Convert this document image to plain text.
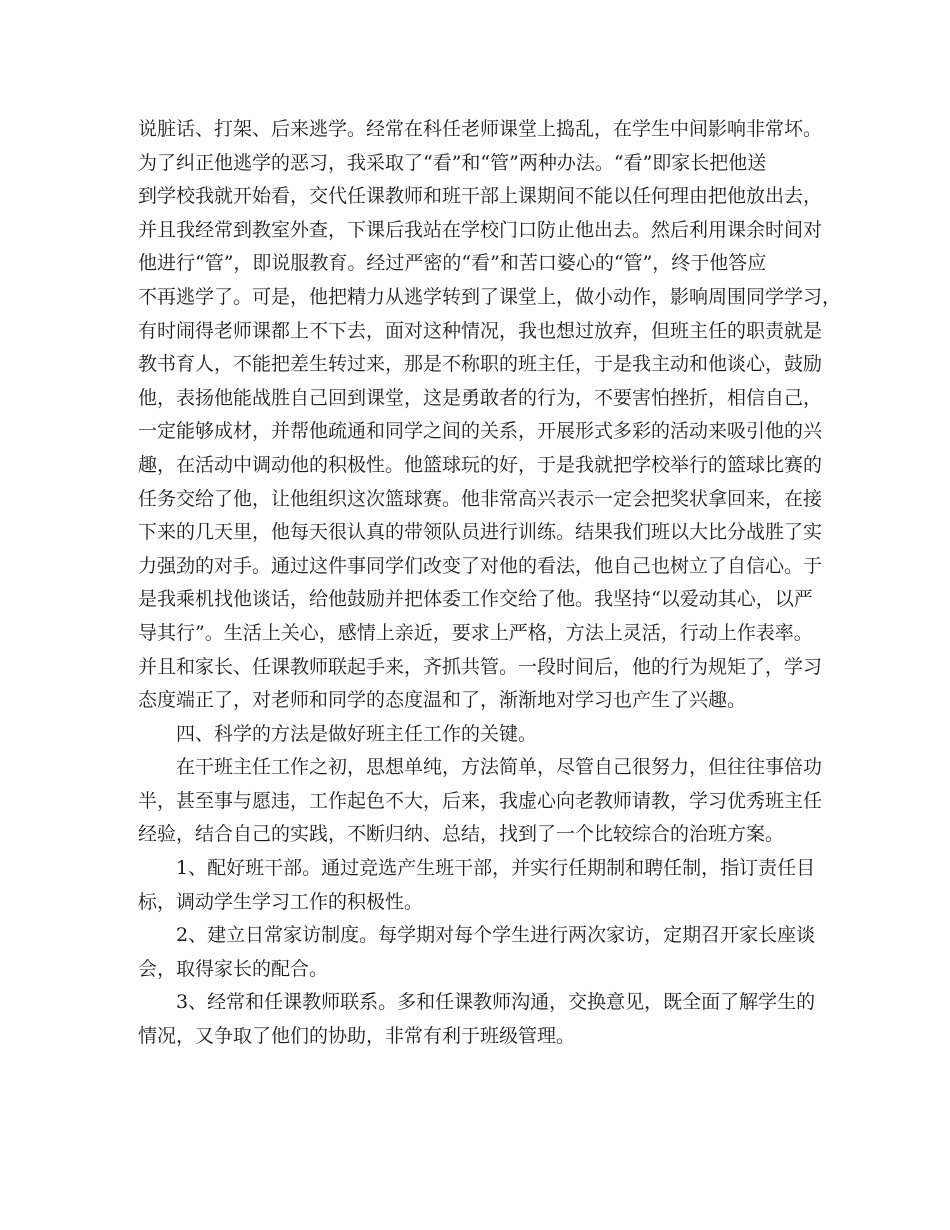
说脏话、打架、后来逃学。经常在科任老师课堂上捣乱，在学生中间影响非常坏。
为了纠正他逃学的恶习，我采取了“看”和“管”两种办法。“看”即家长把他送
到学校我就开始看，交代任课教师和班干部上课期间不能以任何理由把他放出去，
并且我经常到教室外查，下课后我站在学校门口防止他出去。然后利用课余时间对
他进行“管”，即说服教育。经过严密的“看”和苦口婆心的“管”，终于他答应
不再逃学了。可是，他把精力从逃学转到了课堂上，做小动作，影响周围同学学习，
有时闹得老师课都上不下去，面对这种情况，我也想过放弃，但班主任的职责就是
教书育人，不能把差生转过来，那是不称职的班主任，于是我主动和他谈心，鼓励
他，表扬他能战胜自己回到课堂，这是勇敢者的行为，不要害怕挫折，相信自己，
一定能够成材，并帮他疏通和同学之间的关系，开展形式多彩的活动来吸引他的兴
趣，在活动中调动他的积极性。他篮球玩的好，于是我就把学校举行的篮球比赛的
任务交给了他，让他组织这次篮球赛。他非常高兴表示一定会把奖状拿回来，在接
下来的几天里，他每天很认真的带领队员进行训练。结果我们班以大比分战胜了实
力强劲的对手。通过这件事同学们改变了对他的看法，他自己也树立了自信心。于
是我乘机找他谈话，给他鼓励并把体委工作交给了他。我坚持“以爱动其心，以严
导其行”。生活上关心，感情上亲近，要求上严格，方法上灵活，行动上作表率。
并且和家长、任课教师联起手来，齐抓共管。一段时间后，他的行为规矩了，学习
态度端正了，对老师和同学的态度温和了，渐渐地对学习也产生了兴趣。
四、科学的方法是做好班主任工作的关键。
在干班主任工作之初，思想单纯，方法简单，尽管自己很努力，但往往事倍功
半，甚至事与愿违，工作起色不大，后来，我虚心向老教师请教，学习优秀班主任
经验，结合自己的实践，不断归纳、总结，找到了一个比较综合的治班方案。
1、配好班干部。通过竞选产生班干部，并实行任期制和聘任制，指订责任目
标，调动学生学习工作的积极性。
2、建立日常家访制度。每学期对每个学生进行两次家访，定期召开家长座谈
会，取得家长的配合。
3、经常和任课教师联系。多和任课教师沟通，交换意见，既全面了解学生的
情况，又争取了他们的协助，非常有利于班级管理。
